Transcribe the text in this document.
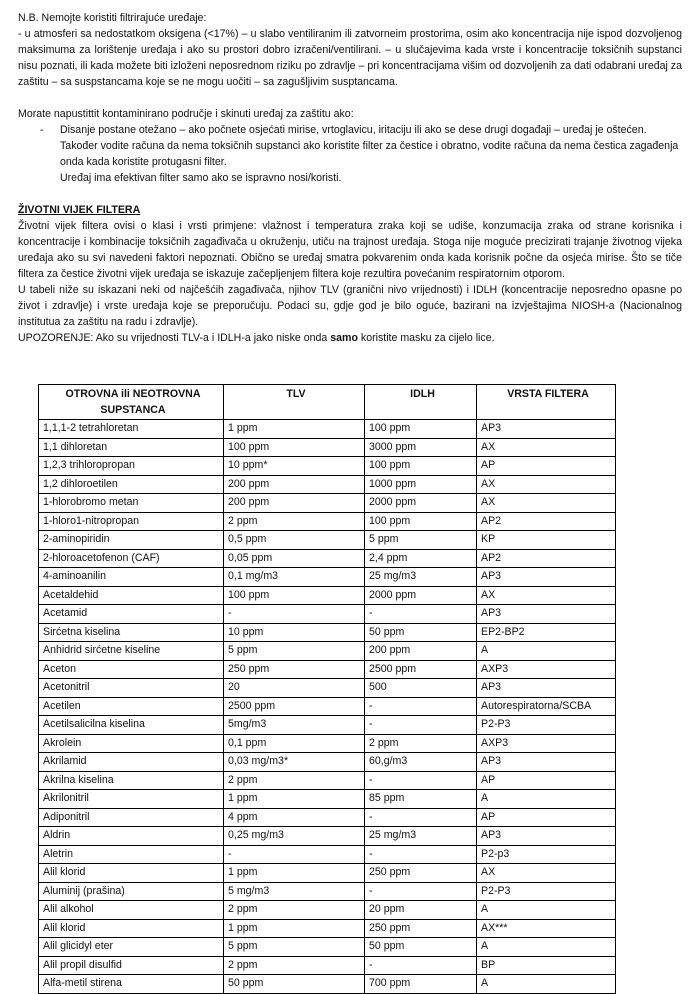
N.B. Nemojte koristiti filtrirajuće uređaje:

- u atmosferi sa nedostatkom oksigena (<17%) – u slabo ventiliranim ili zatvorneim prostorima, osim ako koncentracija nije ispod dozvoljenog maksimuma za lorištenje uređaja i ako su prostori dobro izračeni/ventilirani. – u slučajevima kada vrste i koncentracije toksičnih supstanci nisu poznati, ili kada možete biti izloženi neposrednom riziku po zdravlje – pri koncentracijama višim od dozvoljenih za dati odabrani uređaj za zaštitu – sa suspstancama koje se ne mogu uočiti – sa zagušljivim susptancama.

Morate napustittit kontaminirano područje i skinuti uređaj za zaštitu ako:

-	Disanje postane otežano – ako počnete osjećati mirise, vrtoglavicu, iritaciju ili ako se dese drugi događaji – uređaj je oštećen.

Također vodite računa da nema toksičnih supstanci ako koristite filter za čestice i obratno, vodite računa da nema čestica zagađenja onda kada koristite protugasni filter.

Uređaj ima efektivan filter samo ako se ispravno nosi/koristi.

ŽIVOTNI VIJEK FILTERA

Životni vijek filtera ovisi o klasi i vrsti primjene: vlažnost i temperatura zraka koji se udiše, konzumacija zraka od strane korisnika i koncentracije i kombinacije toksičnih zagađivača u okruženju, utiču na trajnost uređaja. Stoga nije moguće precizirati trajanje životnog vijeka uređaja ako su svi navedeni faktori nepoznati. Obično se uređaj smatra pokvarenim onda kada korisnik počne da osjeća mirise. Što se tiče filtera za čestice životni vijek uređaja se iskazuje začepljenjem filtera koje rezultira povećanim respiratornim otporom.

U tabeli niže su iskazani neki od najčešćih zagađivača, njihov TLV (granični nivo vrijednosti) i IDLH (koncentracije neposredno opasne po život i zdravlje) i vrste uređaja koje se preporučuju. Podaci su, gdje god je bilo ogućе, bazirani na izvještajima NIOSH-a (Nacionalnog institutua za zaštitu na radu i zdravlje).

UPOZORENJE: Ako su vrijednosti TLV-a i IDLH-a jako niske onda samo koristite masku za cijelo lice.

OTROVNA ili NEOTROVNA SUPSTANCA	TLV	IDLH	VRSTA FILTERA
1,1,1-2 tetrahloretan	1 ppm	100 ppm	AP3
1,1 dihloretan	100 ppm	3000 ppm	AX
1,2,3 trihloropropan	10 ppm*	100 ppm	AP
1,2 dihloroetilen	200 ppm	1000 ppm	AX
1-hlorobromo metan	200 ppm	2000 ppm	AX
1-hloro1-nitropropan	2 ppm	100 ppm	AP2
2-aminopiridin	0,5 ppm	5 ppm	KP
2-hloroacetofenon (CAF)	0,05 ppm	2,4 ppm	AP2
4-aminoanilin	0,1 mg/m3	25 mg/m3	AP3
Acetaldehid	100 ppm	2000 ppm	AX
Acetamid	-	-	AP3
Sirćetna kiselina	10 ppm	50 ppm	EP2-BP2
Anhidrid sirćetne kiseline	5 ppm	200 ppm	A
Aceton	250 ppm	2500 ppm	AXP3
Acetonitril	20	500	AP3
Acetilen	2500 ppm	-	Autorespiratorna/SCBA
Acetilsalicilna kiselina	5mg/m3	-	P2-P3
Akrolein	0,1 ppm	2 ppm	AXP3
Akrilamid	0,03 mg/m3*	60,g/m3	AP3
Akrilna kiselina	2 ppm	-	AP
Akrilonitril	1 ppm	85 ppm	A
Adiponitril	4 ppm	-	AP
Aldrin	0,25 mg/m3	25 mg/m3	AP3
Aletrin	-	-	P2-p3
Alil klorid	1 ppm	250 ppm	AX
Aluminij (prašina)	5 mg/m3	-	P2-P3
Alil alkohol	2 ppm	20 ppm	A
Alil klorid	1 ppm	250 ppm	AX***
Alil glicidyl eter	5 ppm	50 ppm	A
Alil propil disulfid	2 ppm	-	BP
Alfa-metil stirena	50 ppm	700 ppm	A
